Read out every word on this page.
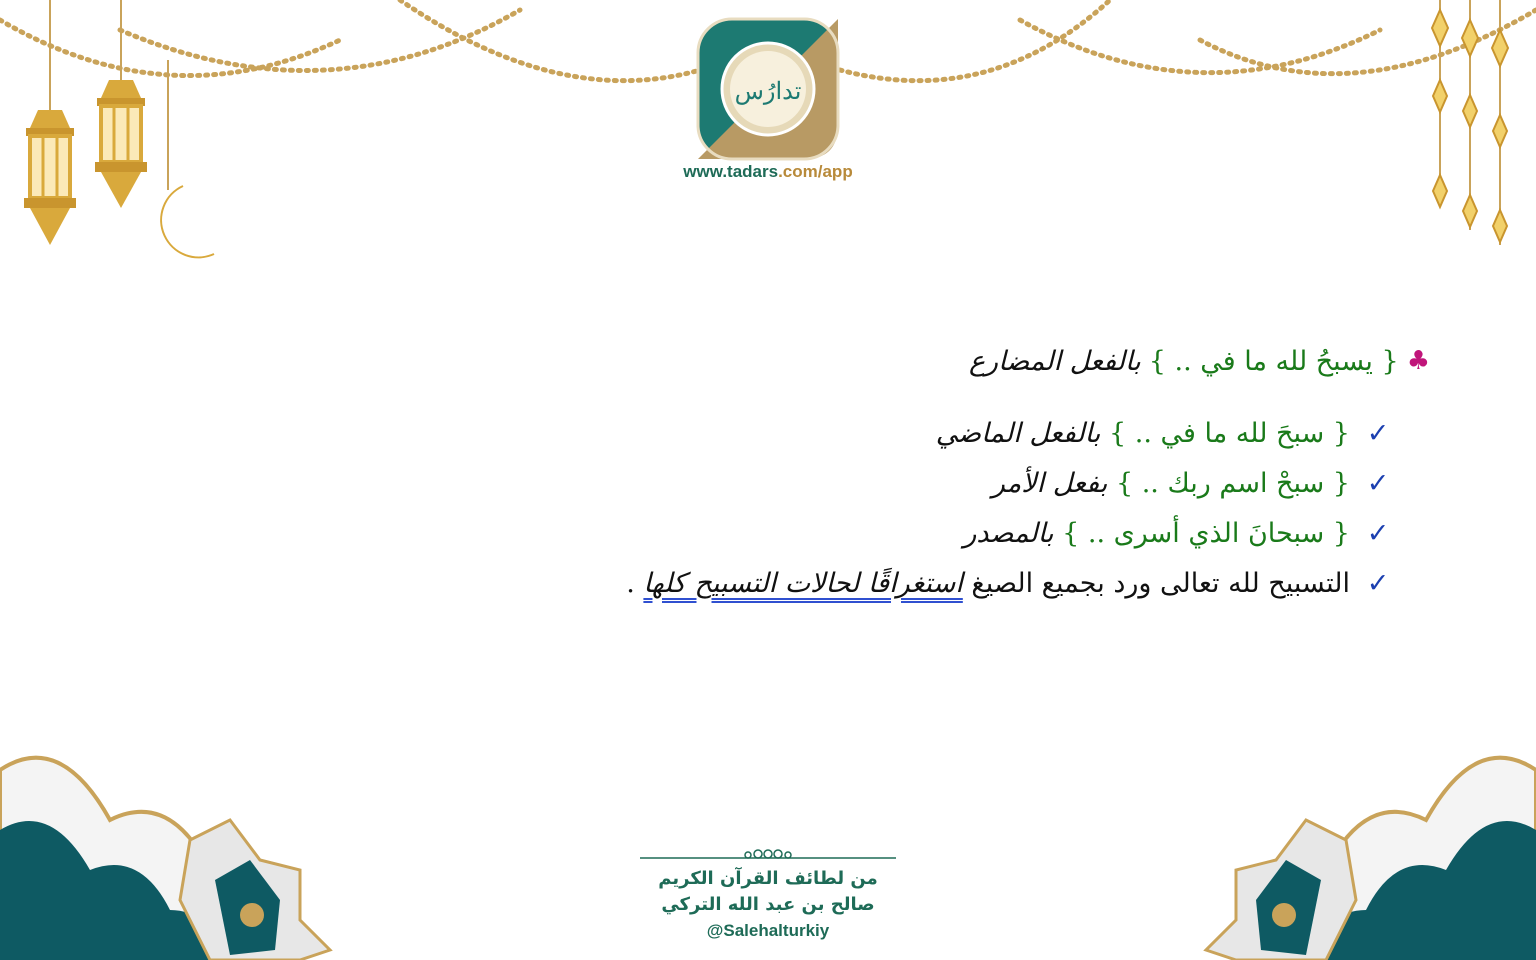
تدارُس
www.tadars.com/app
♣
{ يسبحُ لله ما في .. }
بالفعل المضارع
✓
{ سبحَ لله ما في .. } بالفعل الماضي
✓
{ سبحْ اسم ربك .. } بفعل الأمر
✓
{ سبحانَ الذي أسرى .. } بالمصدر
✓
التسبيح لله تعالى ورد بجميع الصيغ استغراقًا لحالات التسبيح كلها .
من لطائف القرآن الكريم
صالح بن عبد الله التركي
@Salehalturkiy
